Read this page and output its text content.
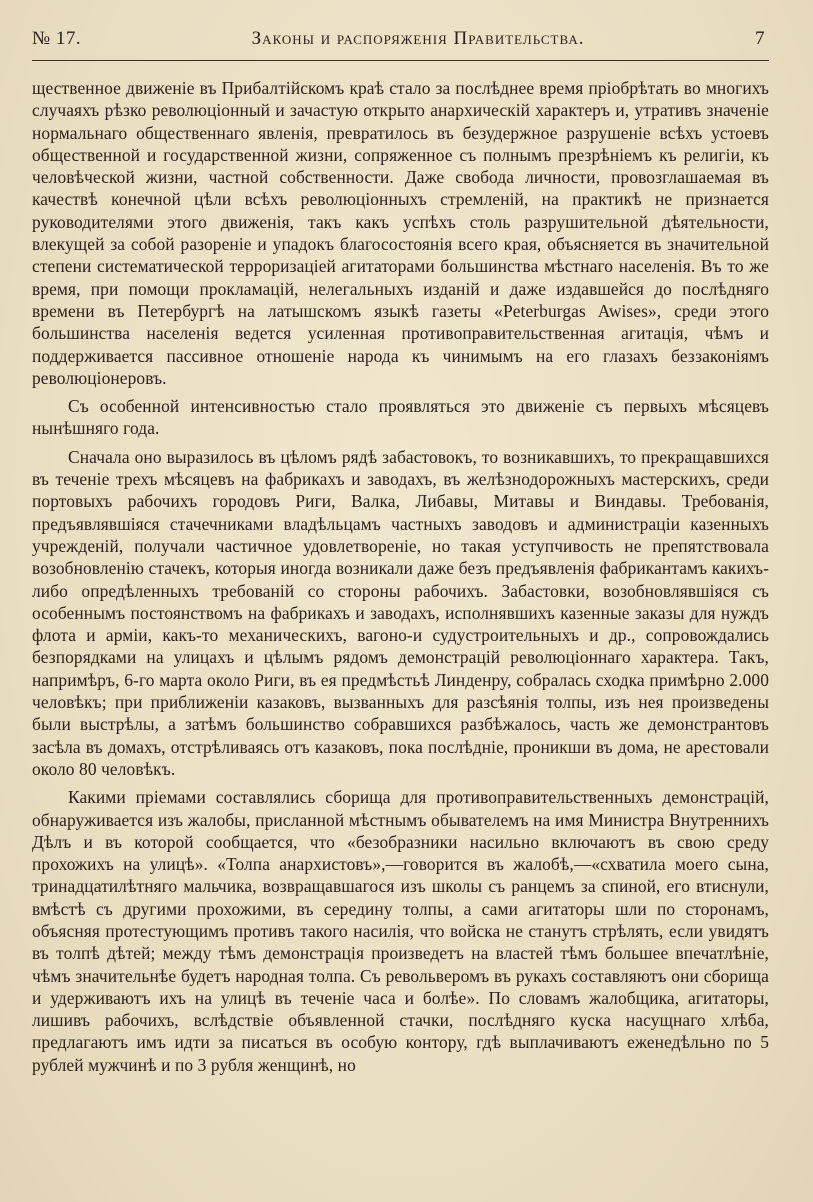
№ 17.	Законы и распоряженія Правительства.	7

щественное движеніе въ Прибалтійскомъ краѣ стало за послѣднее время пріобрѣтать во многихъ случаяхъ рѣзко революціонный и зачастую открыто анархическій характеръ и, утративъ значеніе нормальнаго общественнаго явленія, превратилось въ безудержное разрушеніе всѣхъ устоевъ общественной и государственной жизни, сопряженное съ полнымъ презрѣніемъ къ религіи, къ человѣческой жизни, частной собственности. Даже свобода личности, провозглашаемая въ качествѣ конечной цѣли всѣхъ революціонныхъ стремленій, на практикѣ не признается руководителями этого движенія, такъ какъ успѣхъ столь разрушительной дѣятельности, влекущей за собой разореніе и упадокъ благосостоянія всего края, объясняется въ значительной степени систематической терроризаціей агитаторами большинства мѣстнаго населенія. Въ то же время, при помощи прокламацій, нелегальныхъ изданій и даже издавшейся до послѣдняго времени въ Петербургѣ на латышскомъ языкѣ газеты «Peterburgas Awises», среди этого большинства населенія ведется усиленная противоправительственная агитація, чѣмъ и поддерживается пассивное отношеніе народа къ чинимымъ на его глазахъ беззаконіямъ революціонеровъ.

Съ особенной интенсивностью стало проявляться это движеніе съ первыхъ мѣсяцевъ нынѣшняго года.

Сначала оно выразилось въ цѣломъ рядѣ забастовокъ, то возникавшихъ, то прекращавшихся въ теченіе трехъ мѣсяцевъ на фабрикахъ и заводахъ, въ желѣзнодорожныхъ мастерскихъ, среди портовыхъ рабочихъ городовъ Риги, Валка, Либавы, Митавы и Виндавы. Требованія, предъявлявшіяся стачечниками владѣльцамъ частныхъ заводовъ и администраціи казенныхъ учрежденій, получали частичное удовлетвореніе, но такая уступчивость не препятствовала возобновленію стачекъ, которыя иногда возникали даже безъ предъявленія фабрикантамъ какихъ-либо опредѣленныхъ требованій со стороны рабочихъ. Забастовки, возобновлявшіяся съ особеннымъ постоянствомъ на фабрикахъ и заводахъ, исполнявшихъ казенные заказы для нуждъ флота и арміи, какъ-то механическихъ, вагоно-и судустроительныхъ и др., сопровождались безпорядками на улицахъ и цѣлымъ рядомъ демонстрацій революціоннаго характера. Такъ, напримѣръ, 6-го марта около Риги, въ ея предмѣстьѣ Линденру, собралась сходка примѣрно 2.000 человѣкъ; при приближеніи казаковъ, вызванныхъ для разсѣянія толпы, изъ нея произведены были выстрѣлы, а затѣмъ большинство собравшихся разбѣжалось, часть же демонстрантовъ засѣла въ домахъ, отстрѣливаясь отъ казаковъ, пока послѣдніе, проникши въ дома, не арестовали около 80 человѣкъ.

Какими пріемами составлялись сборища для противоправительственныхъ демонстрацій, обнаруживается изъ жалобы, присланной мѣстнымъ обывателемъ на имя Министра Внутреннихъ Дѣлъ и въ которой сообщается, что «безобразники насильно включаютъ въ свою среду прохожихъ на улицѣ». «Толпа анархистовъ»,—говорится въ жалобѣ,—«схватила моего сына, тринадцатилѣтняго мальчика, возвращавшагося изъ школы съ ранцемъ за спиной, его втиснули, вмѣстѣ съ другими прохожими, въ середину толпы, а сами агитаторы шли по сторонамъ, объясняя протестующимъ противъ такого насилія, что войска не станутъ стрѣлять, если увидятъ въ толпѣ дѣтей; между тѣмъ демонстрація произведетъ на властей тѣмъ большее впечатлѣніе, чѣмъ значительнѣе будетъ народная толпа. Съ револьверомъ въ рукахъ составляютъ они сборища и удерживаютъ ихъ на улицѣ въ теченіе часа и болѣе». По словамъ жалобщика, агитаторы, лишивъ рабочихъ, вслѣдствіе объявленной стачки, послѣдняго куска насущнаго хлѣба, предлагаютъ имъ идти за писаться въ особую контору, гдѣ выплачиваютъ еженедѣльно по 5 рублей мужчинѣ и по 3 рубля женщинѣ, но
